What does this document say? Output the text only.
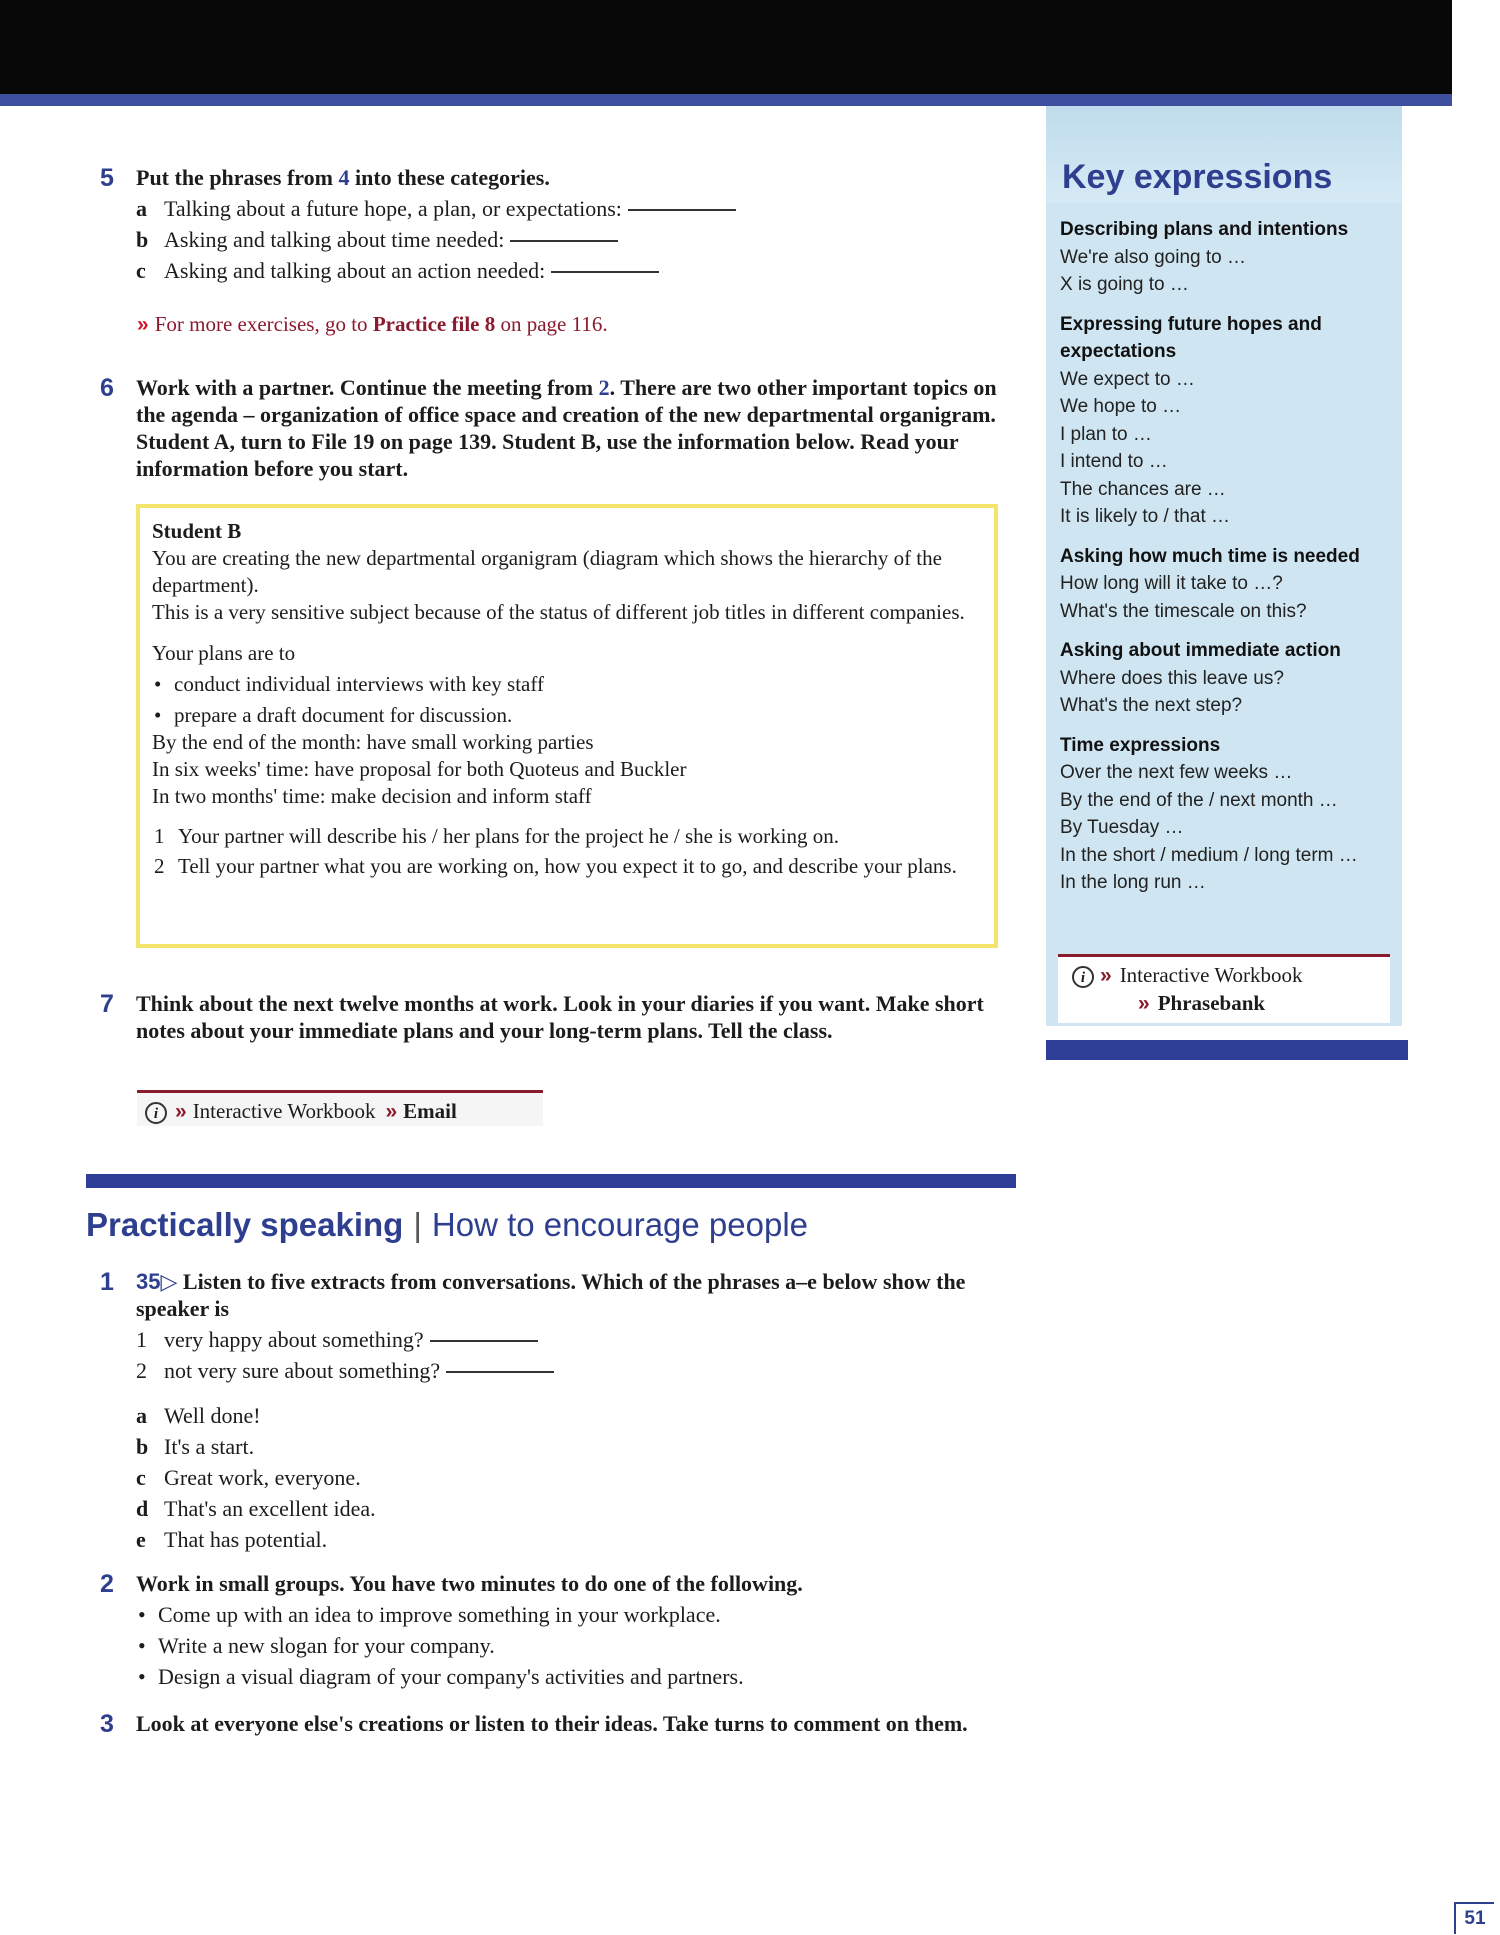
5 Put the phrases from 4 into these categories.
a Talking about a future hope, a plan, or expectations:
b Asking and talking about time needed:
c Asking and talking about an action needed:
» For more exercises, go to Practice file 8 on page 116.
6 Work with a partner. Continue the meeting from 2. There are two other important topics on the agenda – organization of office space and creation of the new departmental organigram. Student A, turn to File 19 on page 139. Student B, use the information below. Read your information before you start.

Student B

You are creating the new departmental organigram (diagram which shows the hierarchy of the department).

This is a very sensitive subject because of the status of different job titles in different companies.

Your plans are to

• conduct individual interviews with key staff
• prepare a draft document for discussion.

By the end of the month: have small working parties

In six weeks' time: have proposal for both Quoteus and Buckler

In two months' time: make decision and inform staff

1 Your partner will describe his / her plans for the project he / she is working on.
2 Tell your partner what you are working on, how you expect it to go, and describe your plans.
7 Think about the next twelve months at work. Look in your diaries if you want. Make short notes about your immediate plans and your long-term plans. Tell the class.
i » Interactive Workbook » Email
Practically speaking | How to encourage people
1 35▷ Listen to five extracts from conversations. Which of the phrases a–e below show the speaker is
1 very happy about something?
2 not very sure about something?
a Well done!
b It's a start.
c Great work, everyone.
d That's an excellent idea.
e That has potential.
2 Work in small groups. You have two minutes to do one of the following.
• Come up with an idea to improve something in your workplace.
• Write a new slogan for your company.
• Design a visual diagram of your company's activities and partners.
3 Look at everyone else's creations or listen to their ideas. Take turns to comment on them.
Key expressions
Describing plans and intentions
We're also going to …
X is going to …
Expressing future hopes and expectations
We expect to …
We hope to …
I plan to …
I intend to …
The chances are …
It is likely to / that …
Asking how much time is needed
How long will it take to …?
What's the timescale on this?
Asking about immediate action
Where does this leave us?
What's the next step?
Time expressions
Over the next few weeks …
By the end of the / next month …
By Tuesday …
In the short / medium / long term …
In the long run …
i » Interactive Workbook
» Phrasebank
51
